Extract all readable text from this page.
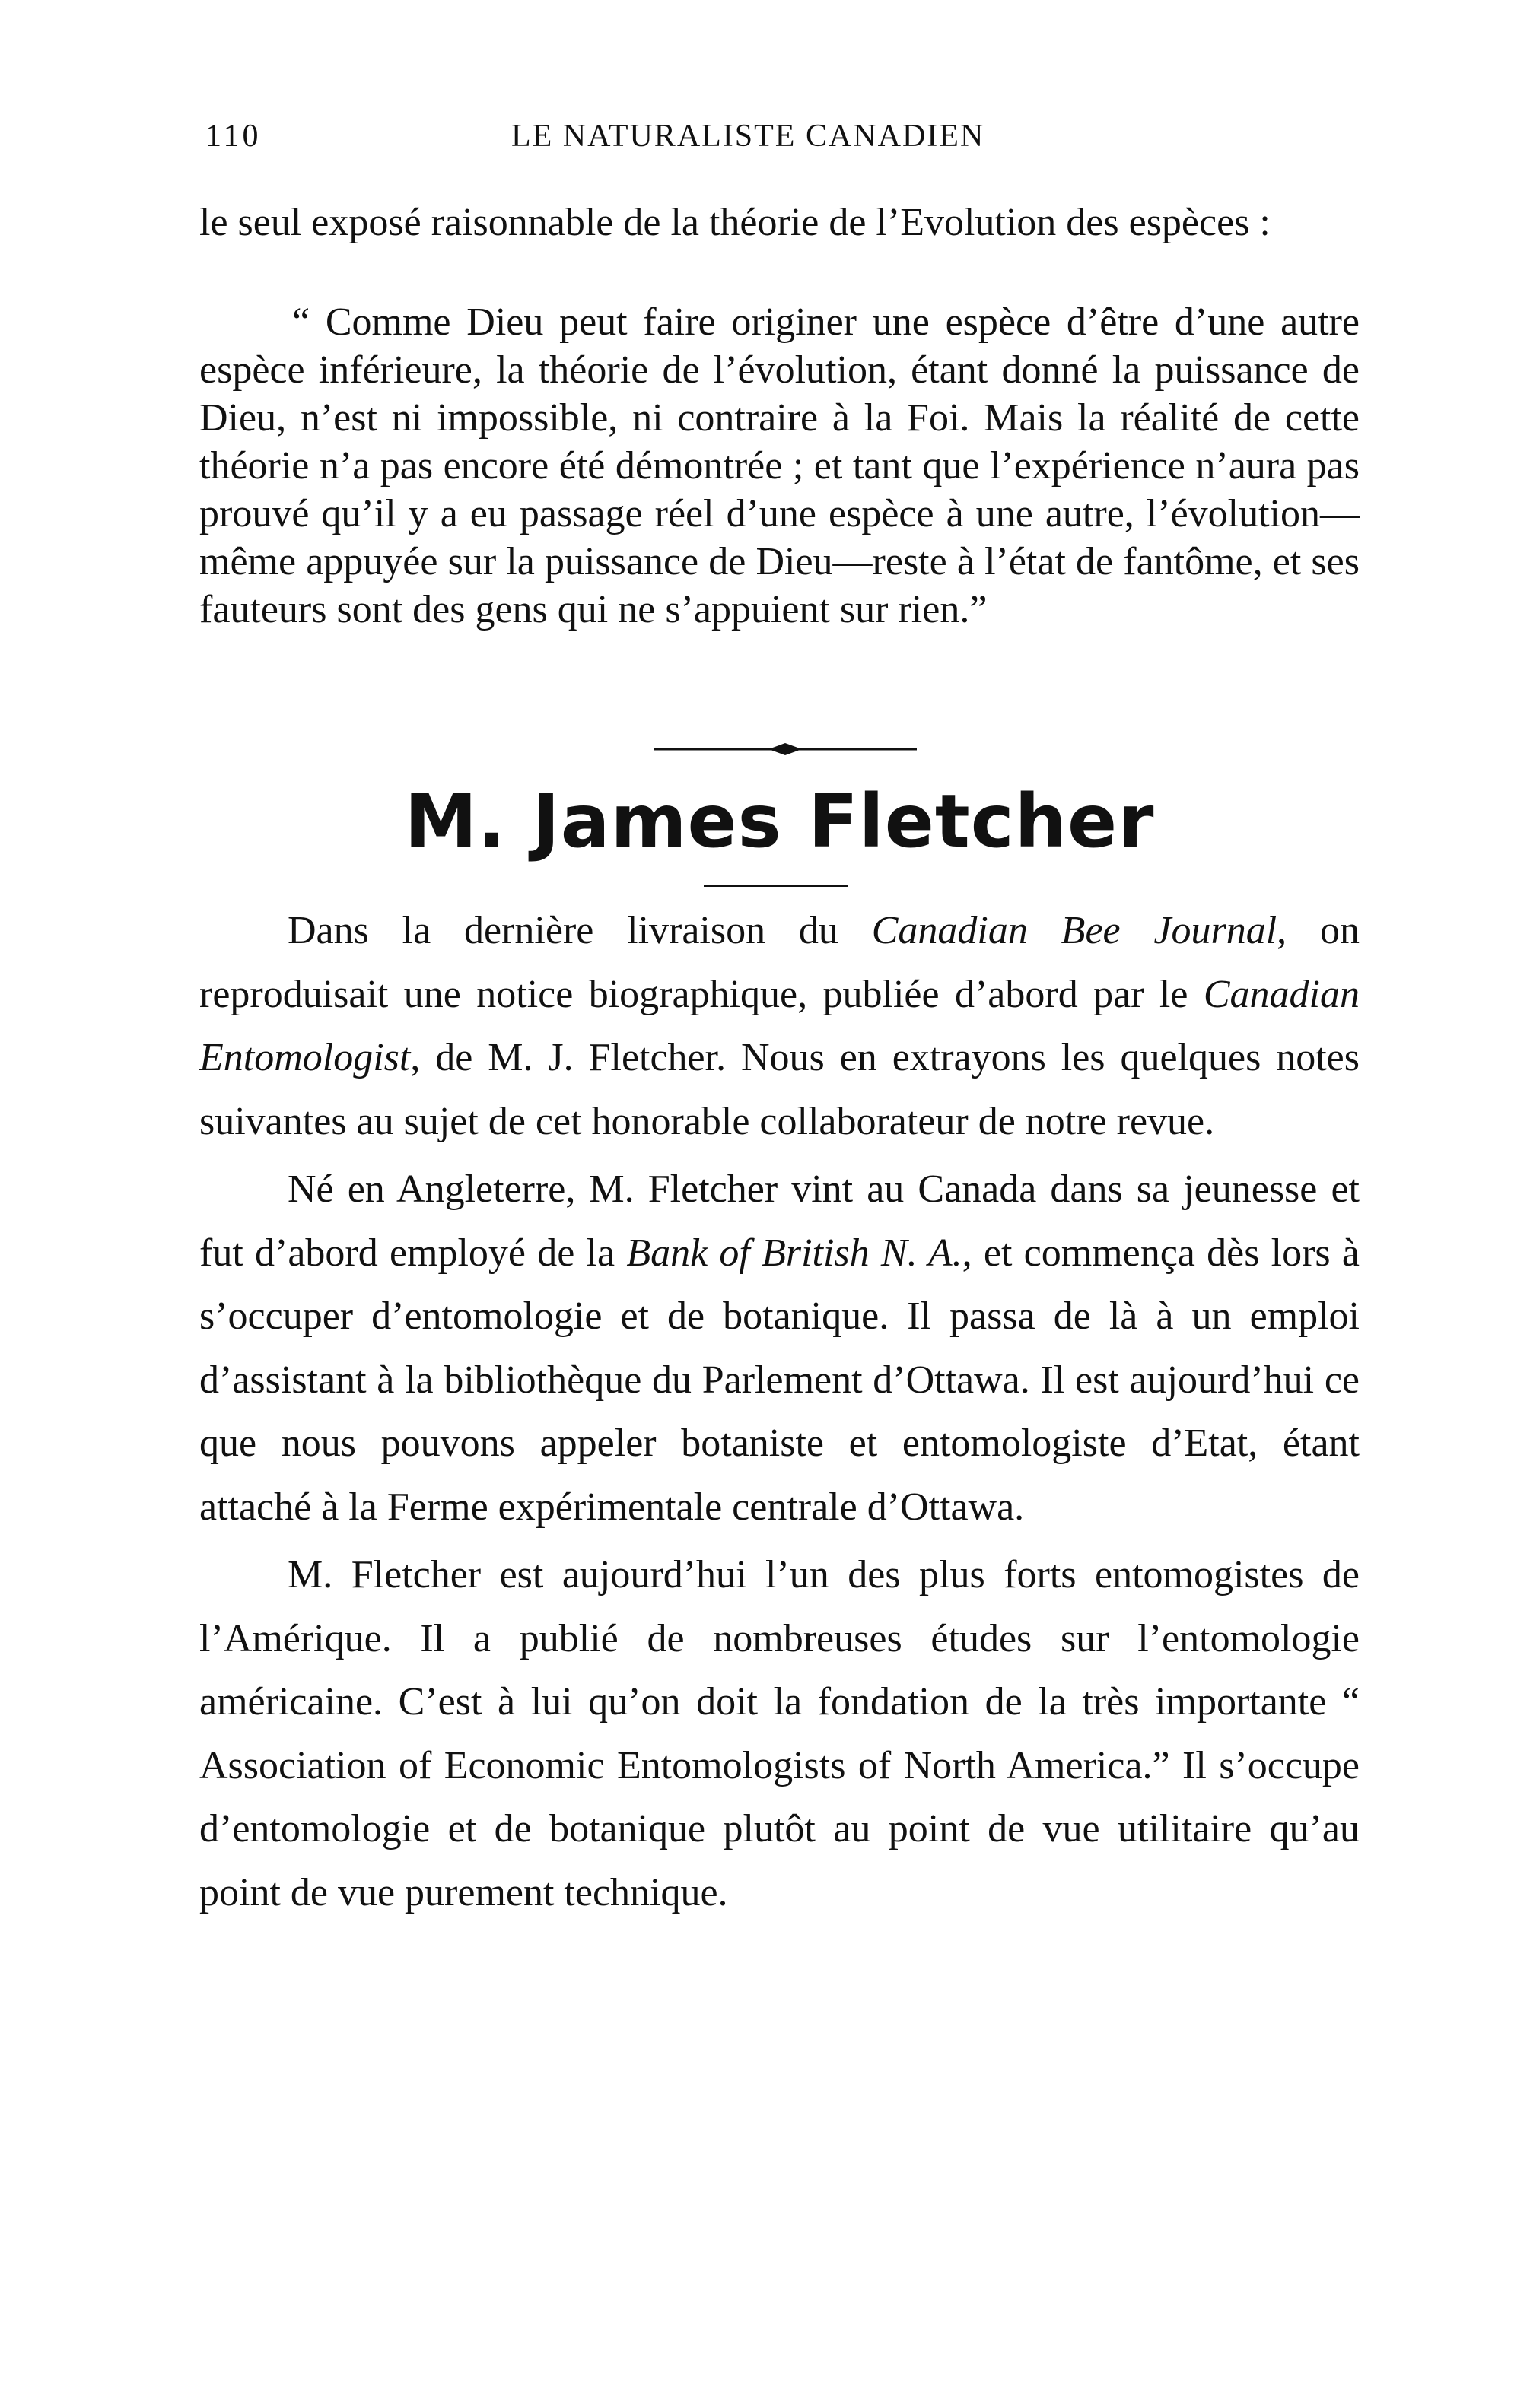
110	LE NATURALISTE CANADIEN

le seul exposé raisonnable de la théorie de l’Evolution des espèces :

“ Comme Dieu peut faire originer une espèce d’être d’une autre espèce inférieure, la théorie de l’évolution, étant donné la puissance de Dieu, n’est ni impossible, ni contraire à la Foi. Mais la réalité de cette théorie n’a pas encore été démontrée ; et tant que l’expérience n’aura pas prouvé qu’il y a eu passage réel d’une espèce à une autre, l’évolution—même appuyée sur la puissance de Dieu—reste à l’état de fantôme, et ses fauteurs sont des gens qui ne s’appuient sur rien.”

M. James Fletcher

Dans la dernière livraison du Canadian Bee Journal, on reproduisait une notice biographique, publiée d’abord par le Canadian Entomologist, de M. J. Fletcher. Nous en extrayons les quelques notes suivantes au sujet de cet honorable collaborateur de notre revue.

Né en Angleterre, M. Fletcher vint au Canada dans sa jeunesse et fut d’abord employé de la Bank of British N. A., et commença dès lors à s’occuper d’entomologie et de botanique. Il passa de là à un emploi d’assistant à la bibliothèque du Parlement d’Ottawa. Il est aujourd’hui ce que nous pouvons appeler botaniste et entomologiste d’Etat, étant attaché à la Ferme expérimentale centrale d’Ottawa.

M. Fletcher est aujourd’hui l’un des plus forts entomogistes de l’Amérique. Il a publié de nombreuses études sur l’entomologie américaine. C’est à lui qu’on doit la fondation de la très importante “ Association of Economic Entomologists of North America.” Il s’occupe d’entomologie et de botanique plutôt au point de vue utilitaire qu’au point de vue purement technique.
